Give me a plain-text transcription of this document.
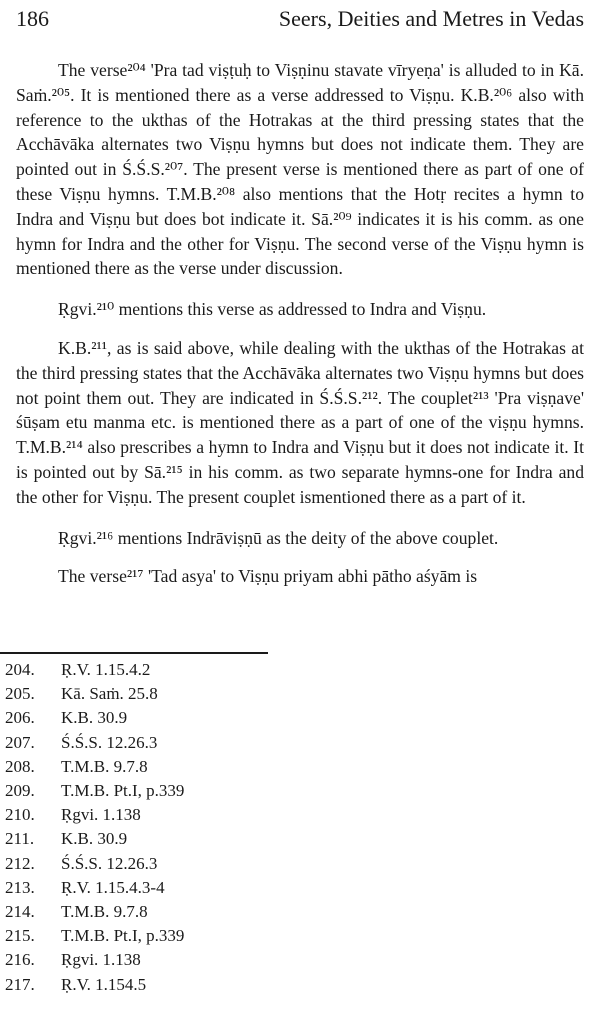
186	Seers, Deities and Metres in Vedas

The verse²⁰⁴ 'Pra tad viṣṭuḥ to Viṣṇinu stavate vīryeṇa' is alluded to in Kā. Saṁ.²⁰⁵. It is mentioned there as a verse addressed to Viṣṇu. K.B.²⁰⁶ also with reference to the ukthas of the Hotrakas at the third pressing states that the Acchāvāka alternates two Viṣṇu hymns but does not indicate them. They are pointed out in Ś.Ś.S.²⁰⁷. The present verse is mentioned there as part of one of these Viṣṇu hymns. T.M.B.²⁰⁸ also mentions that the Hotṛ recites a hymn to Indra and Viṣṇu but does bot indicate it. Sā.²⁰⁹ indicates it is his comm. as one hymn for Indra and the other for Viṣṇu. The second verse of the Viṣṇu hymn is mentioned there as the verse under discussion.

Ṛgvi.²¹⁰ mentions this verse as addressed to Indra and Viṣṇu.

K.B.²¹¹, as is said above, while dealing with the ukthas of the Hotrakas at the third pressing states that the Acchāvāka alternates two Viṣṇu hymns but does not point them out. They are indicated in Ś.Ś.S.²¹². The couplet²¹³ 'Pra viṣṇave' śūṣam etu manma etc. is mentioned there as a part of one of the viṣṇu hymns. T.M.B.²¹⁴ also prescribes a hymn to Indra and Viṣṇu but it does not indicate it. It is pointed out by Sā.²¹⁵ in his comm. as two separate hymns-one for Indra and the other for Viṣṇu. The present couplet ismentioned there as a part of it.

Ṛgvi.²¹⁶ mentions Indrāviṣṇū as the deity of the above couplet.

The verse²¹⁷ 'Tad asya' to Viṣṇu priyam abhi pātho aśyām is

204. Ṛ.V. 1.15.4.2
205. Kā. Saṁ. 25.8
206. K.B. 30.9
207. Ś.Ś.S. 12.26.3
208. T.M.B. 9.7.8
209. T.M.B. Pt.I, p.339
210. Ṛgvi. 1.138
211. K.B. 30.9
212. Ś.Ś.S. 12.26.3
213. Ṛ.V. 1.15.4.3-4
214. T.M.B. 9.7.8
215. T.M.B. Pt.I, p.339
216. Ṛgvi. 1.138
217. Ṛ.V. 1.154.5
